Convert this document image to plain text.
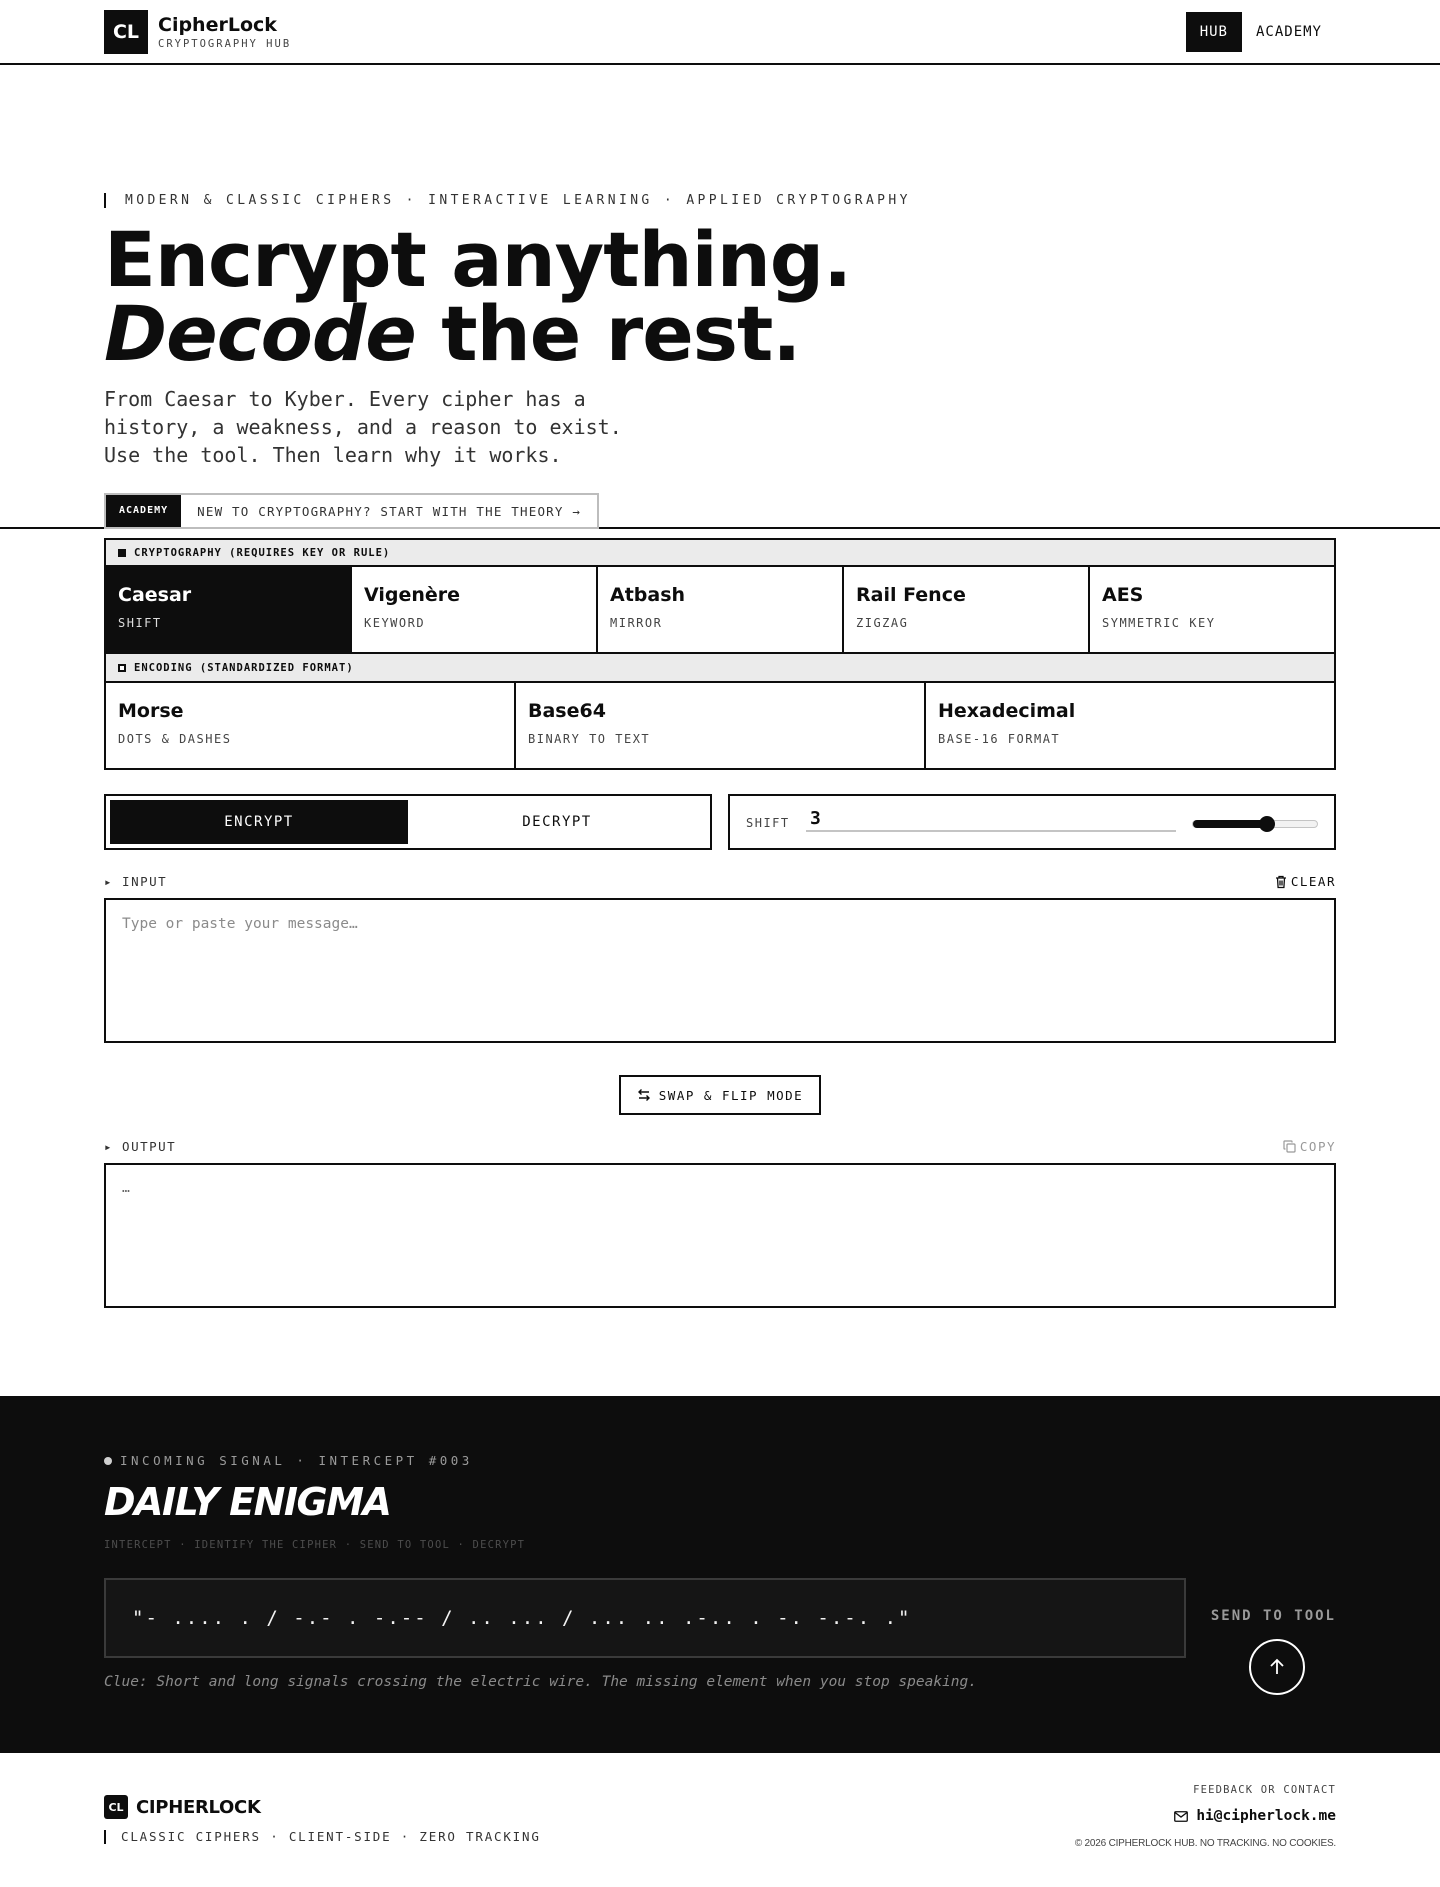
CL CipherLock
CRYPTOGRAPHY HUB
HUB	ACADEMY
MODERN & CLASSIC CIPHERS · INTERACTIVE LEARNING · APPLIED CRYPTOGRAPHY
Encrypt anything.
Decode the rest.

From Caesar to Kyber. Every cipher has a history, a weakness, and a reason to exist. Use the tool. Then learn why it works.

ACADEMY	NEW TO CRYPTOGRAPHY? START WITH THE THEORY →
CRYPTOGRAPHY (REQUIRES KEY OR RULE)
Caesar
SHIFT
Vigenère
KEYWORD
Atbash
MIRROR
Rail Fence
ZIGZAG
AES
SYMMETRIC KEY
ENCODING (STANDARDIZED FORMAT)
Morse
DOTS & DASHES
Base64
BINARY TO TEXT
Hexadecimal
BASE-16 FORMAT
ENCRYPT	DECRYPT	SHIFT 3
▸ INPUT	CLEAR
Type or paste your message…
SWAP & FLIP MODE
▸ OUTPUT	COPY
…
INCOMING SIGNAL · INTERCEPT #003
DAILY ENIGMA
INTERCEPT · IDENTIFY THE CIPHER · SEND TO TOOL · DECRYPT
"- .... . / -.- . -.-- / .. ... / ... .. .-.. . -. -.-. ."
Clue: Short and long signals crossing the electric wire. The missing element when you stop speaking.
SEND TO TOOL
CL CIPHERLOCK
CLASSIC CIPHERS · CLIENT-SIDE · ZERO TRACKING
FEEDBACK OR CONTACT
hi@cipherlock.me
© 2026 CIPHERLOCK HUB. NO TRACKING. NO COOKIES.
